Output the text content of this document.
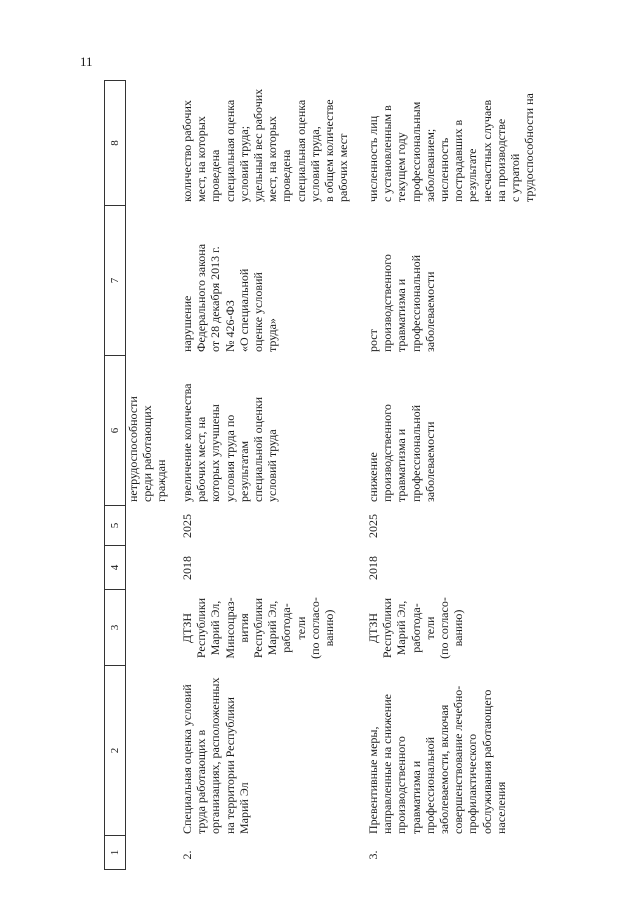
11
1
2
3
4
5
6
7
8
нетрудоспособности
среди работающих
граждан
2.
Специальная оценка условий
труда работающих в
организациях, расположенных
на территории Республики
Марий Эл
ДТЗН
Республики
Марий Эл,
Минсоцраз-
вития
Республики
Марий Эл,
работода-
тели
(по согласо-
ванию)
2018
2025
увеличение количества
рабочих мест, на
которых улучшены
условия труда по
результатам
специальной оценки
условий труда
нарушение
Федерального закона
от 28 декабря 2013 г.
№ 426-ФЗ
«О специальной
оценке условий
труда»
количество рабочих
мест, на которых
проведена
специальная оценка
условий труда;
удельный вес рабочих
мест, на которых
проведена
специальная оценка
условий труда,
в общем количестве
рабочих мест
3.
Превентивные меры,
направленные на снижение
производственного
травматизма и
профессиональной
заболеваемости, включая
совершенствование лечебно-
профилактического
обслуживания работающего
населения
ДТЗН
Республики
Марий Эл,
работода-
тели
(по согласо-
ванию)
2018
2025
снижение
производственного
травматизма и
профессиональной
заболеваемости
рост
производственного
травматизма и
профессиональной
заболеваемости
численность лиц
с установленным в
текущем году
профессиональным
заболеванием;
численность
пострадавших в
результате
несчастных случаев
на производстве
с утратой
трудоспособности на
